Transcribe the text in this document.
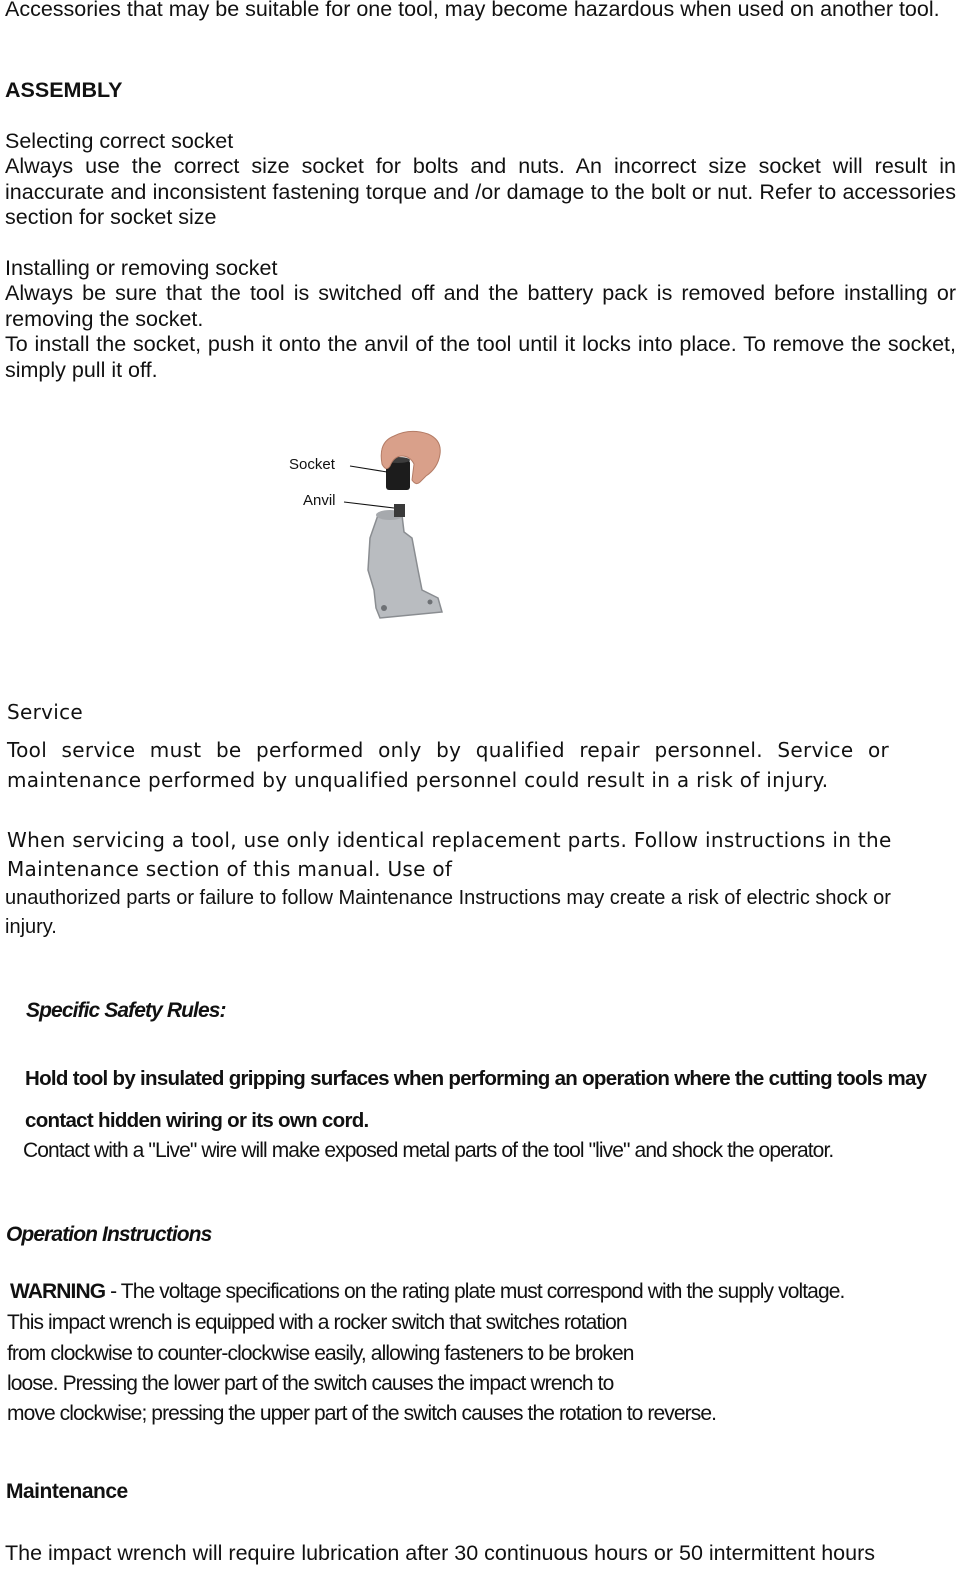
Accessories that may be suitable for one tool, may become hazardous when used on another tool.
ASSEMBLY
Selecting correct socket
Always use the correct size socket for bolts and nuts. An incorrect size socket will result in inaccurate and inconsistent fastening torque and /or damage to the bolt or nut. Refer to accessories section for socket size
Installing or removing socket
Always be sure that the tool is switched off and the battery pack is removed before installing or removing the socket.
To install the socket, push it onto the anvil of the tool until it locks into place. To remove the socket, simply pull it off.
Socket
Anvil
Service
Tool service must be performed only by qualified repair personnel. Service or maintenance performed by unqualified personnel could result in a risk of injury.
When servicing a tool, use only identical replacement parts. Follow instructions in the Maintenance section of this manual. Use of
unauthorized parts or failure to follow Maintenance Instructions may create a risk of electric shock or injury.
Specific Safety Rules:
Hold tool by insulated gripping surfaces when performing an operation where the cutting tools may contact hidden wiring or its own cord.
Contact with a "Live" wire will make exposed metal parts of the tool "live" and shock the operator.
Operation Instructions
WARNING - The voltage specifications on the rating plate must correspond with the supply voltage.
This impact wrench is equipped with a rocker switch that switches rotation
from clockwise to counter-clockwise easily, allowing fasteners to be broken
loose. Pressing the lower part of the switch causes the impact wrench to
move clockwise; pressing the upper part of the switch causes the rotation to reverse.
Maintenance
The impact wrench will require lubrication after 30 continuous hours or 50 intermittent hours
